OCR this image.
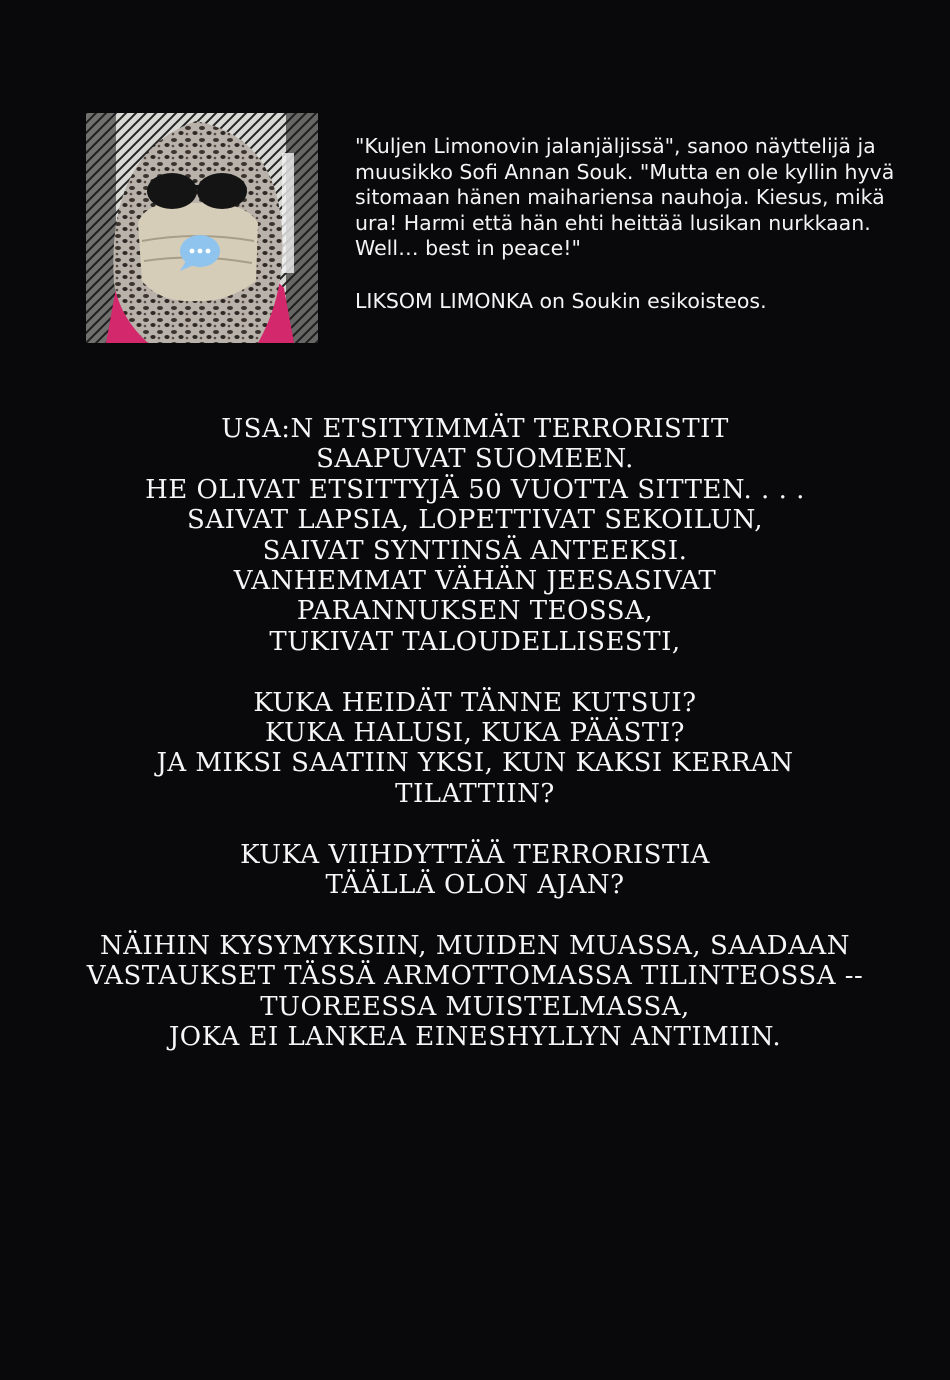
"Kuljen Limonovin jalanjäljissä", sanoo näyttelijä ja muusikko Sofi Annan Souk. "Mutta en ole kyllin hyvä sitomaan hänen maihariensa nauhoja. Kiesus, mikä ura! Harmi että hän ehti heittää lusikan nurkkaan. Well… best in peace!"

LIKSOM LIMONKA on Soukin esikoisteos.

USA:N ETSITYIMMÄT TERRORISTIT
SAAPUVAT SUOMEEN.
HE OLIVAT ETSITTYJÄ 50 VUOTTA SITTEN. . . .
SAIVAT LAPSIA, LOPETTIVAT SEKOILUN,
SAIVAT SYNTINSÄ ANTEEKSI.
VANHEMMAT VÄHÄN JEESASIVAT
PARANNUKSEN TEOSSA,
TUKIVAT TALOUDELLISESTI,
KUKA HEIDÄT TÄNNE KUTSUI?
KUKA HALUSI, KUKA PÄÄSTI?
JA MIKSI SAATIIN YKSI, KUN KAKSI KERRAN
TILATTIIN?
KUKA VIIHDYTTÄÄ TERRORISTIA
TÄÄLLÄ OLON AJAN?
NÄIHIN KYSYMYKSIIN, MUIDEN MUASSA, SAADAAN
VASTAUKSET TÄSSÄ ARMOTTOMASSA TILINTEOSSA --
TUOREESSA MUISTELMASSA,
JOKA EI LANKEA EINESHYLLYN ANTIMIIN.
